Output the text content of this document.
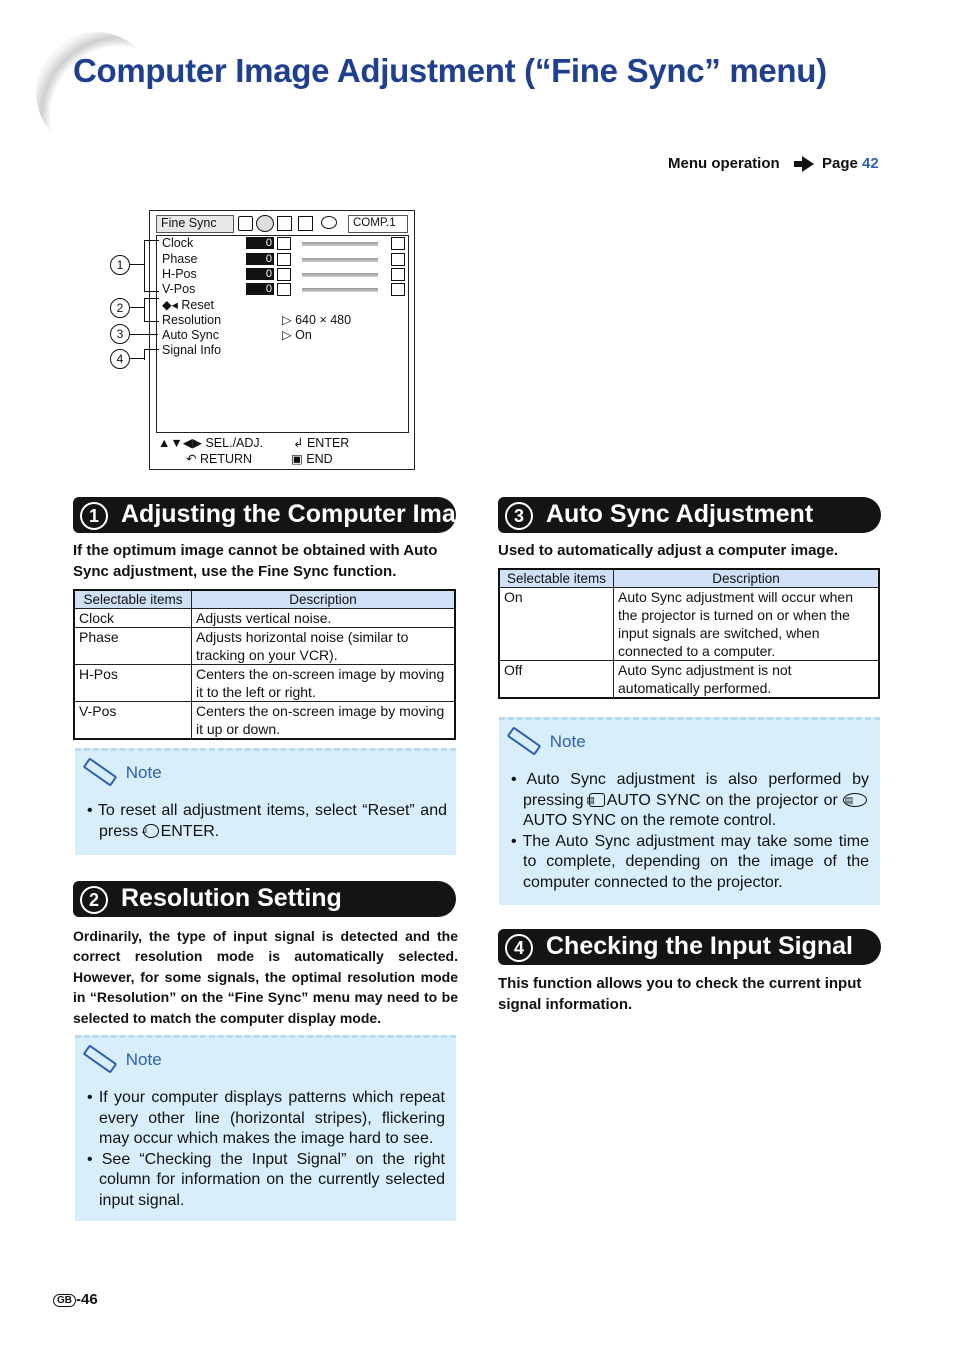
Computer Image Adjustment (“Fine Sync” menu)
Menu operation	Page 42
Fine Sync	COMP.1
Clock
Phase
H-Pos
V-Pos
◆◂ Reset
Resolution
Auto Sync
Signal Info
0
0
0
0
▷ 640 × 480
▷ On
▲▼◀▶ SEL./ADJ. ↲ ENTER
↶ RETURN	▣ END
1
2
3
4
1 Adjusting the Computer Image
If the optimum image cannot be obtained with Auto Sync adjustment, use the Fine Sync function.
Selectable items	Description
Clock	Adjusts vertical noise.
Phase	Adjusts horizontal noise (similar to tracking on your VCR).
H-Pos	Centers the on-screen image by moving it to the left or right.
V-Pos	Centers the on-screen image by moving it up or down.
Note
• To reset all adjustment items, select “Reset” and press ↲ ENTER.
2 Resolution Setting
Ordinarily, the type of input signal is detected and the correct resolution mode is automatically selected. However, for some signals, the optimal resolution mode in “Resolution” on the “Fine Sync” menu may need to be selected to match the computer display mode.
Note
• If your computer displays patterns which repeat every other line (horizontal stripes), flickering may occur which makes the image hard to see.
• See “Checking the Input Signal” on the right column for information on the currently selected input signal.
3 Auto Sync Adjustment
Used to automatically adjust a computer image.
Selectable items	Description
On	Auto Sync adjustment will occur when the projector is turned on or when the input signals are switched, when connected to a computer.
Off	Auto Sync adjustment is not automatically performed.
Note
• Auto Sync adjustment is also performed by pressing ▤ AUTO SYNC on the projector or ▤AUTO SYNC on the remote control.
• The Auto Sync adjustment may take some time to complete, depending on the image of the computer connected to the projector.
4 Checking the Input Signal
This function allows you to check the current input signal information.
GB -46
